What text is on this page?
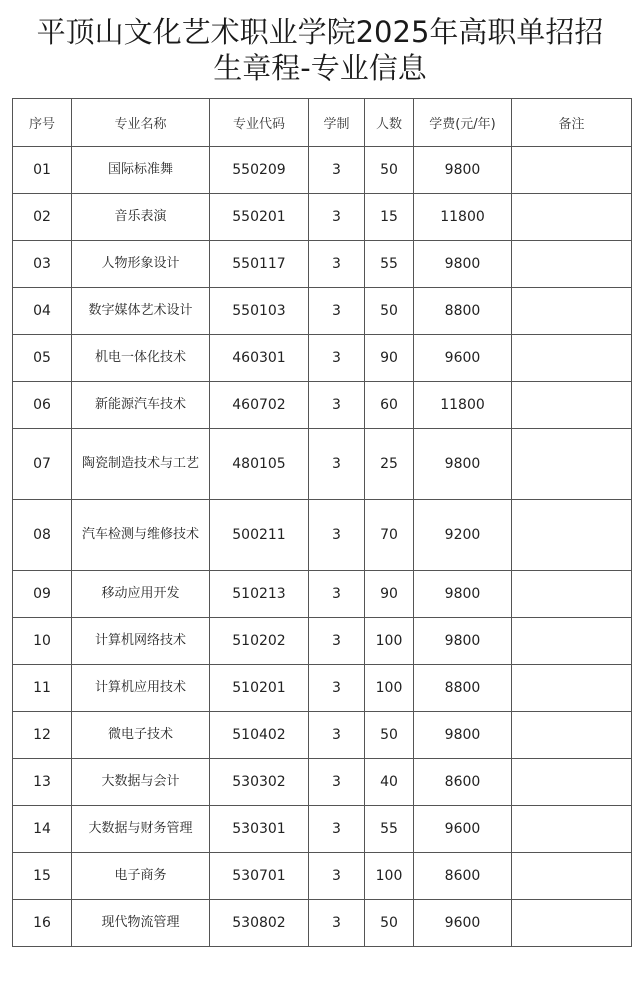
平顶山文化艺术职业学院2025年高职单招招
生章程-专业信息
序号	专业名称	专业代码	学制	人数	学费(元/年)	备注
01	国际标准舞	550209	3	50	9800	
02	音乐表演	550201	3	15	11800	
03	人物形象设计	550117	3	55	9800	
04	数字媒体艺术设计	550103	3	50	8800	
05	机电一体化技术	460301	3	90	9600	
06	新能源汽车技术	460702	3	60	11800	
07	陶瓷制造技术与工艺	480105	3	25	9800	
08	汽车检测与维修技术	500211	3	70	9200	
09	移动应用开发	510213	3	90	9800	
10	计算机网络技术	510202	3	100	9800	
11	计算机应用技术	510201	3	100	8800	
12	微电子技术	510402	3	50	9800	
13	大数据与会计	530302	3	40	8600	
14	大数据与财务管理	530301	3	55	9600	
15	电子商务	530701	3	100	8600	
16	现代物流管理	530802	3	50	9600	
